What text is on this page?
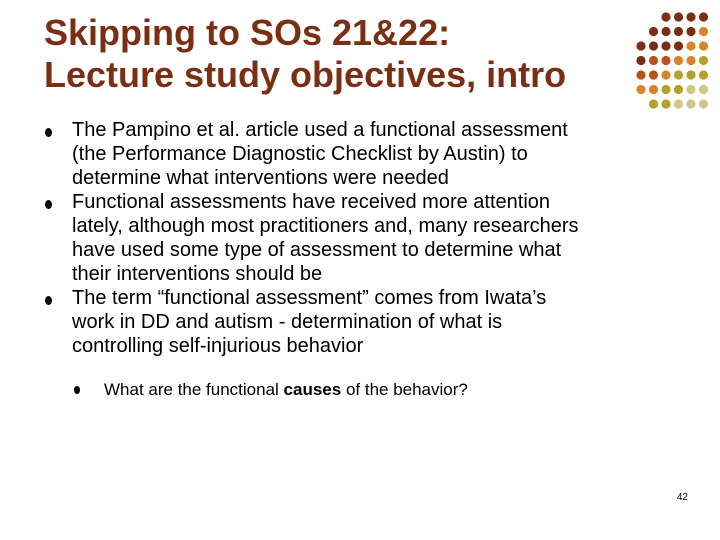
Skipping to SOs 21&22:
Lecture study objectives, intro
The Pampino et al. article used a functional assessment
(the Performance Diagnostic Checklist by Austin) to
determine what interventions were needed
Functional assessments have received more attention
lately, although most practitioners and, many researchers
have used some type of assessment to determine what
their interventions should be
The term “functional assessment” comes from Iwata’s
work in DD and autism - determination of what is
controlling self-injurious behavior
What are the functional causes of the behavior?
42
